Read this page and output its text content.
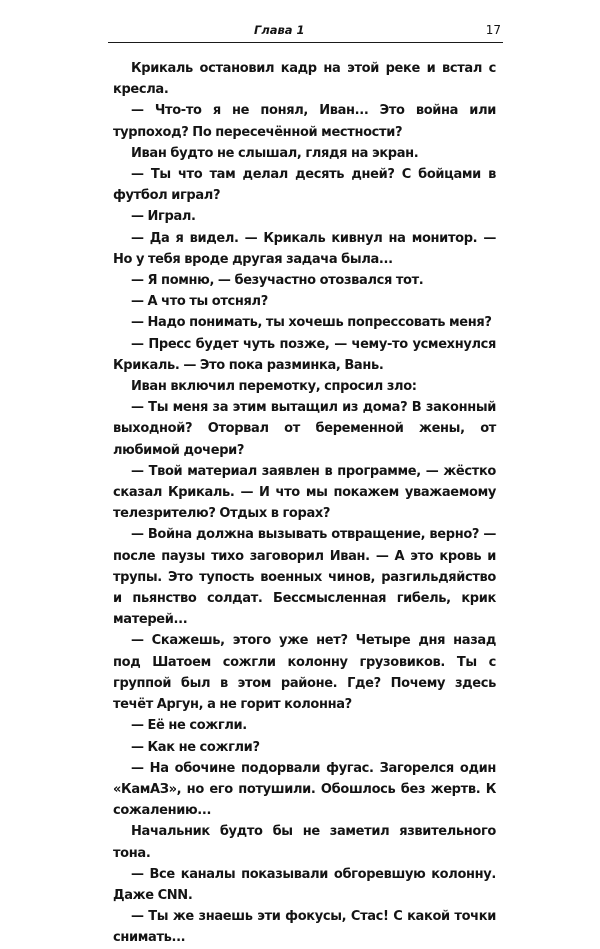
Глава 1	17

Крикаль остановил кадр на этой реке и встал с кресла.

— Что-то я не понял, Иван... Это война или турпоход? По пересечённой местности?

Иван будто не слышал, глядя на экран.

— Ты что там делал десять дней? С бойцами в футбол играл?

— Играл.

— Да я видел. — Крикаль кивнул на монитор. — Но у тебя вроде другая задача была...

— Я помню, — безучастно отозвался тот.

— А что ты отснял?

— Надо понимать, ты хочешь попрессовать меня?

— Пресс будет чуть позже, — чему-то усмехнулся Крикаль. — Это пока разминка, Вань.

Иван включил перемотку, спросил зло:

— Ты меня за этим вытащил из дома? В законный выходной? Оторвал от беременной жены, от любимой дочери?

— Твой материал заявлен в программе, — жёстко сказал Крикаль. — И что мы покажем уважаемому телезрителю? Отдых в горах?

— Война должна вызывать отвращение, верно? — после паузы тихо заговорил Иван. — А это кровь и трупы. Это тупость военных чинов, разгильдяйство и пьянство солдат. Бессмысленная гибель, крик матерей...

— Скажешь, этого уже нет? Четыре дня назад под Шатоем сожгли колонну грузовиков. Ты с группой был в этом районе. Где? Почему здесь течёт Аргун, а не горит колонна?

— Её не сожгли.

— Как не сожгли?

— На обочине подорвали фугас. Загорелся один «КамАЗ», но его потушили. Обошлось без жертв. К сожалению...

Начальник будто бы не заметил язвительного тона.

— Все каналы показывали обгоревшую колонну. Даже CNN.

— Ты же знаешь эти фокусы, Стас! С какой точки снимать...
